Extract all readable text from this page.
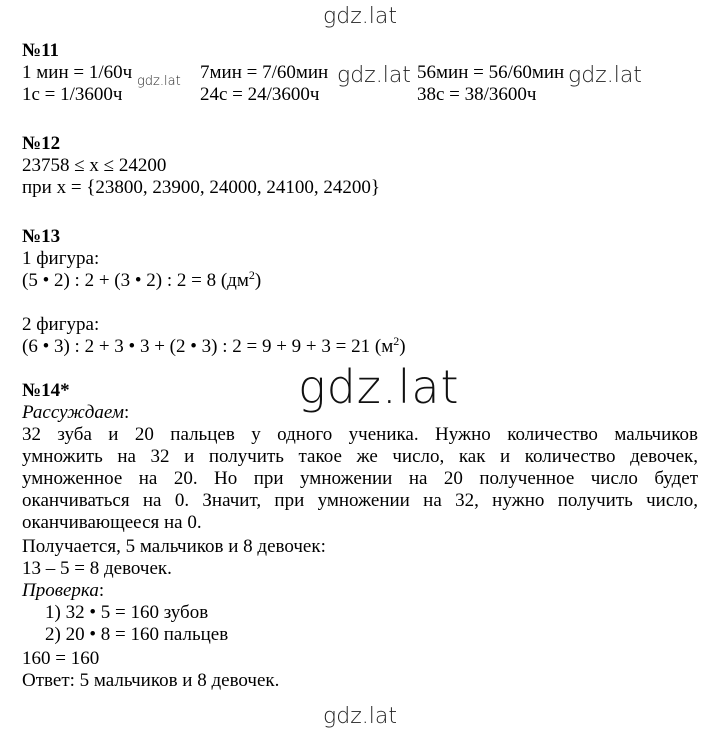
gdz.lat
№11
1 мин = 1/60ч	7мин = 7/60мин	56мин = 56/60мин
1с = 1/3600ч	24с = 24/3600ч	38с = 38/3600ч
gdz.lat	gdz.lat	gdz.lat
№12
23758 ≤ x ≤ 24200
при x = {23800, 23900, 24000, 24100, 24200}
№13
1 фигура:
(5 • 2) : 2 + (3 • 2) : 2 = 8 $(дм^2)$
2 фигура:
(6 • 3) : 2 + 3 • 3 + (2 • 3) : 2 = 9 + 9 + 3 = 21 $(м^2)$
gdz.lat
№14*
Рассуждаем:
32 зуба и 20 пальцев у одного ученика. Нужно количество мальчиков
умножить на 32 и получить такое же число, как и количество девочек,
умноженное на 20. Но при умножении на 20 полученное число будет
оканчиваться на 0. Значит, при умножении на 32, нужно получить число,
оканчивающееся на 0.
Получается, 5 мальчиков и 8 девочек:
13 – 5 = 8 девочек.
Проверка:
1) 32 • 5 = 160 зубов
2) 20 • 8 = 160 пальцев
160 = 160
Ответ: 5 мальчиков и 8 девочек.
gdz.lat
